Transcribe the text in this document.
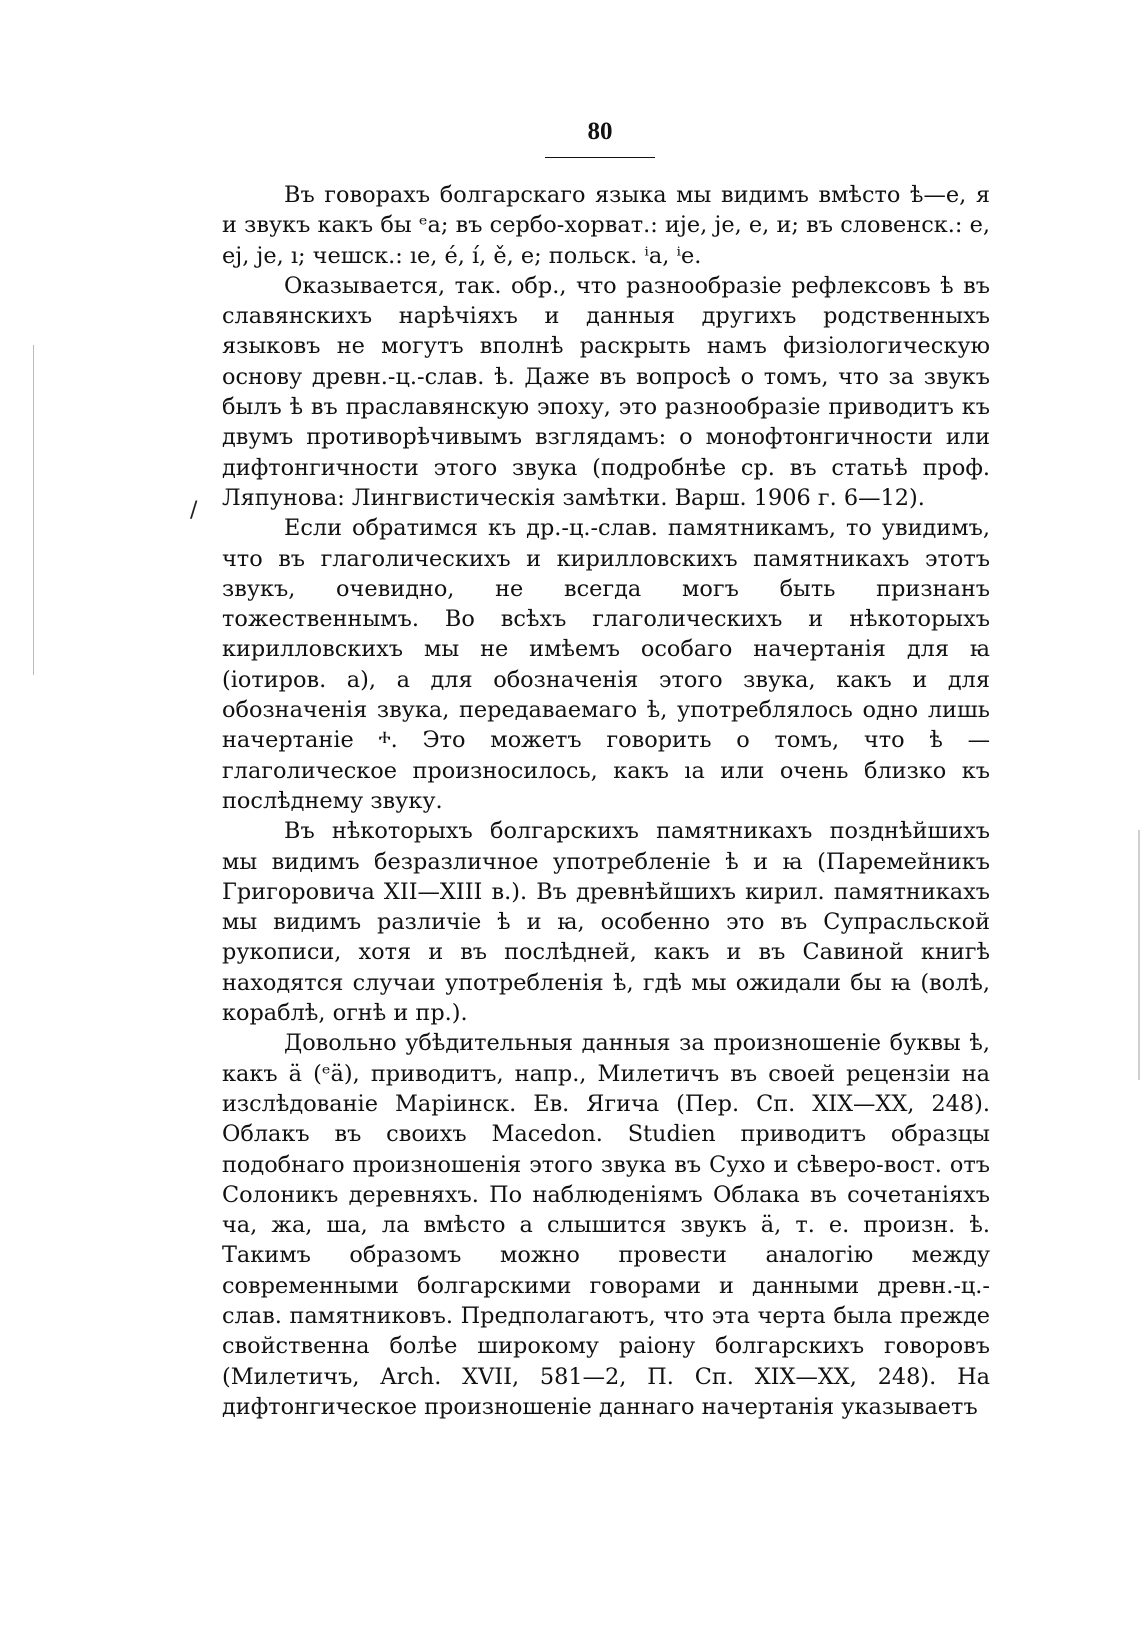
80
/

Въ говорахъ болгарскаго языка мы видимъ вмѣсто ѣ—е, я и звукъ какъ бы ᵉа; въ сербо-хорват.: ије, је, е, и; въ словенск.: е, ej, je, ı; чешск.: ıe, é, í, ě, e; польск. ⁱa, ⁱe.

Оказывается, так. обр., что разнообразіе рефлексовъ ѣ въ славянскихъ нарѣчіяхъ и данныя другихъ родственныхъ языковъ не могутъ вполнѣ раскрыть намъ физіологическую основу древн.-ц.-слав. ѣ. Даже въ вопросѣ о томъ, что за звукъ былъ ѣ въ праславянскую эпоху, это разнообразіе приводитъ къ двумъ противорѣчивымъ взглядамъ: о монофтонгичности или дифтонгичности этого звука (подробнѣе ср. въ статьѣ проф. Ляпунова: Лингвистическія замѣтки. Варш. 1906 г. 6—12).

Если обратимся къ др.-ц.-слав. памятникамъ, то увидимъ, что въ глаголическихъ и кирилловскихъ памятникахъ этотъ звукъ, очевидно, не всегда могъ быть признанъ тожественнымъ. Во всѣхъ глаголическихъ и нѣкоторыхъ кирилловскихъ мы не имѣемъ особаго начертанія для ꙗ (іотиров. а), а для обозначенія этого звука, какъ и для обозначенія звука, передаваемаго ѣ, употреблялось одно лишь начертаніе ⰰ. Это можетъ говорить о томъ, что ѣ — глаголическое произносилось, какъ ıa или очень близко къ послѣднему звуку.

Въ нѣкоторыхъ болгарскихъ памятникахъ позднѣйшихъ мы видимъ безразличное употребленіе ѣ и ꙗ (Паремейникъ Григоровича XII—XIII в.). Въ древнѣйшихъ кирил. памятникахъ мы видимъ различіе ѣ и ꙗ, особенно это въ Супрасльской рукописи, хотя и въ послѣдней, какъ и въ Савиной книгѣ находятся случаи употребленія ѣ, гдѣ мы ожидали бы ꙗ (волѣ, кораблѣ, огнѣ и пр.).

Довольно убѣдительныя данныя за произношеніе буквы ѣ, какъ ä (ᵉä), приводитъ, напр., Милетичъ въ своей рецензіи на изслѣдованіе Маріинск. Ев. Ягича (Пер. Сп. XIX—XX, 248). Облакъ въ своихъ Macedon. Studien приводитъ образцы подобнаго произношенія этого звука въ Сухо и сѣверо-вост. отъ Солоникъ деревняхъ. По наблюденіямъ Облака въ сочетаніяхъ ча, жа, ша, ла вмѣсто а слышится звукъ ä, т. е. произн. ѣ. Такимъ образомъ можно провести аналогію между современными болгарскими говорами и данными древн.-ц.-слав. памятниковъ. Предполагаютъ, что эта черта была прежде свойственна болѣе широкому раіону болгарскихъ говоровъ (Милетичъ, Arch. XVII, 581—2, П. Сп. XIX—XX, 248). На дифтонгическое произношеніе даннаго начертанія указываетъ
